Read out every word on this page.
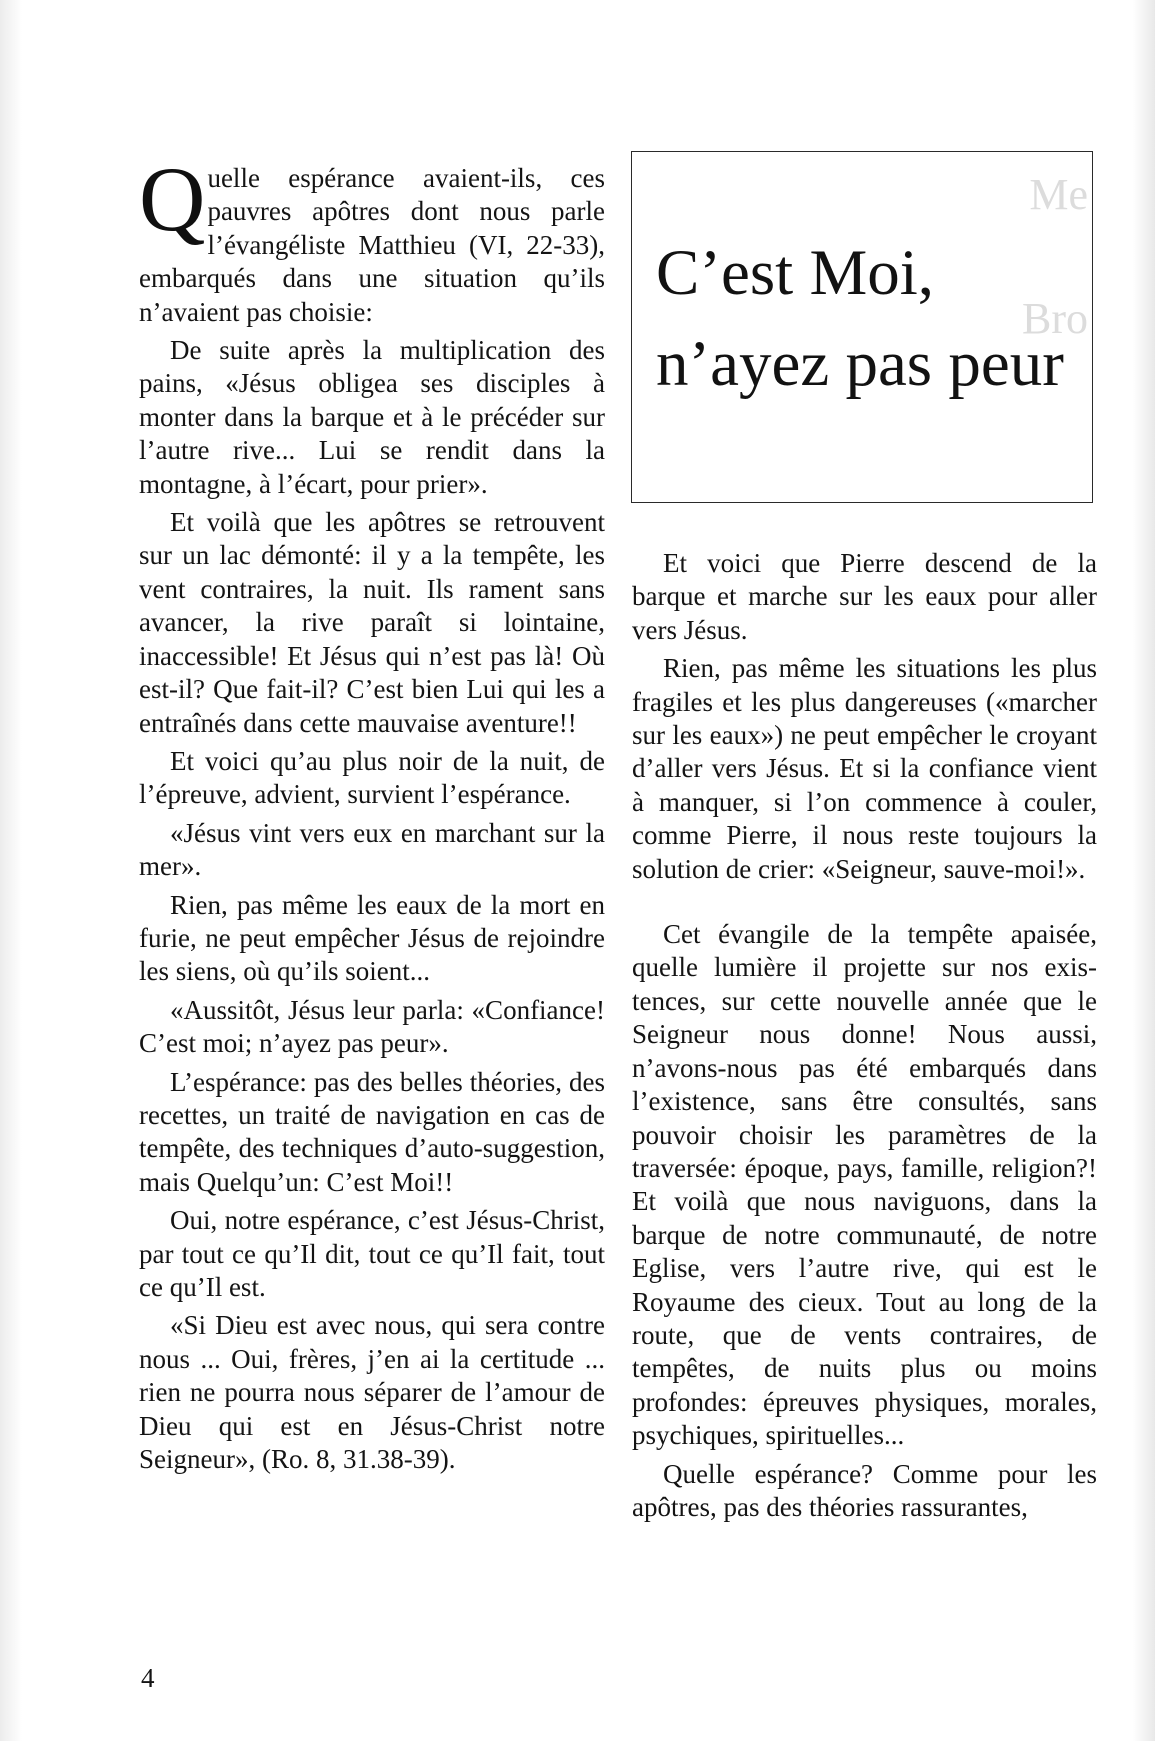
Quelle espérance avaient-ils, ces pauvres apôtres dont nous parle l’évangéliste Matthieu (VI, 22-33), embarqués dans une situation qu’ils n’avaient pas choisie:

De suite après la multiplication des pains, «Jésus obligea ses disciples à monter dans la barque et à le précéder sur l’autre rive... Lui se rendit dans la montagne, à l’écart, pour prier».

Et voilà que les apôtres se retrouvent sur un lac démonté: il y a la tempête, les vent contraires, la nuit. Ils rament sans avancer, la rive paraît si lointaine, inaccessible! Et Jésus qui n’est pas là! Où est-il? Que fait-il? C’est bien Lui qui les a entraînés dans cette mauvaise aventure!!

Et voici qu’au plus noir de la nuit, de l’épreuve, advient, survient l’espérance.

«Jésus vint vers eux en marchant sur la mer».

Rien, pas même les eaux de la mort en furie, ne peut empêcher Jésus de rejoindre les siens, où qu’ils soient...

«Aussitôt, Jésus leur parla: «Confiance! C’est moi; n’ayez pas peur».

L’espérance: pas des belles théories, des recettes, un traité de navigation en cas de tempête, des techniques d’auto-suggestion, mais Quelqu’un: C’est Moi!!

Oui, notre espérance, c’est Jésus-Christ, par tout ce qu’Il dit, tout ce qu’Il fait, tout ce qu’Il est.

«Si Dieu est avec nous, qui sera contre nous ... Oui, frères, j’en ai la certitude ... rien ne pourra nous séparer de l’amour de Dieu qui est en Jésus-Christ notre Seigneur», (Ro. 8, 31.38-39).

Me
Bro
C’est Moi,
n’ayez pas peur

Et voici que Pierre descend de la barque et marche sur les eaux pour aller vers Jésus.

Rien, pas même les situations les plus fragiles et les plus dangereuses («marcher sur les eaux») ne peut empêcher le croyant d’aller vers Jésus. Et si la confiance vient à manquer, si l’on commence à couler, comme Pierre, il nous reste toujours la solution de crier: «Seigneur, sauve-moi!».

Cet évangile de la tempête apaisée, quelle lumière il projette sur nos existences, sur cette nouvelle année que le Seigneur nous donne! Nous aussi, n’avons-nous pas été embarqués dans l’existence, sans être consultés, sans pouvoir choisir les paramètres de la traversée: époque, pays, famille, religion?! Et voilà que nous naviguons, dans la barque de notre communauté, de notre Eglise, vers l’autre rive, qui est le Royaume des cieux. Tout au long de la route, que de vents contraires, de tempêtes, de nuits plus ou moins profondes: épreuves physiques, morales, psychiques, spirituelles...

Quelle espérance? Comme pour les apôtres, pas des théories rassurantes,

4
